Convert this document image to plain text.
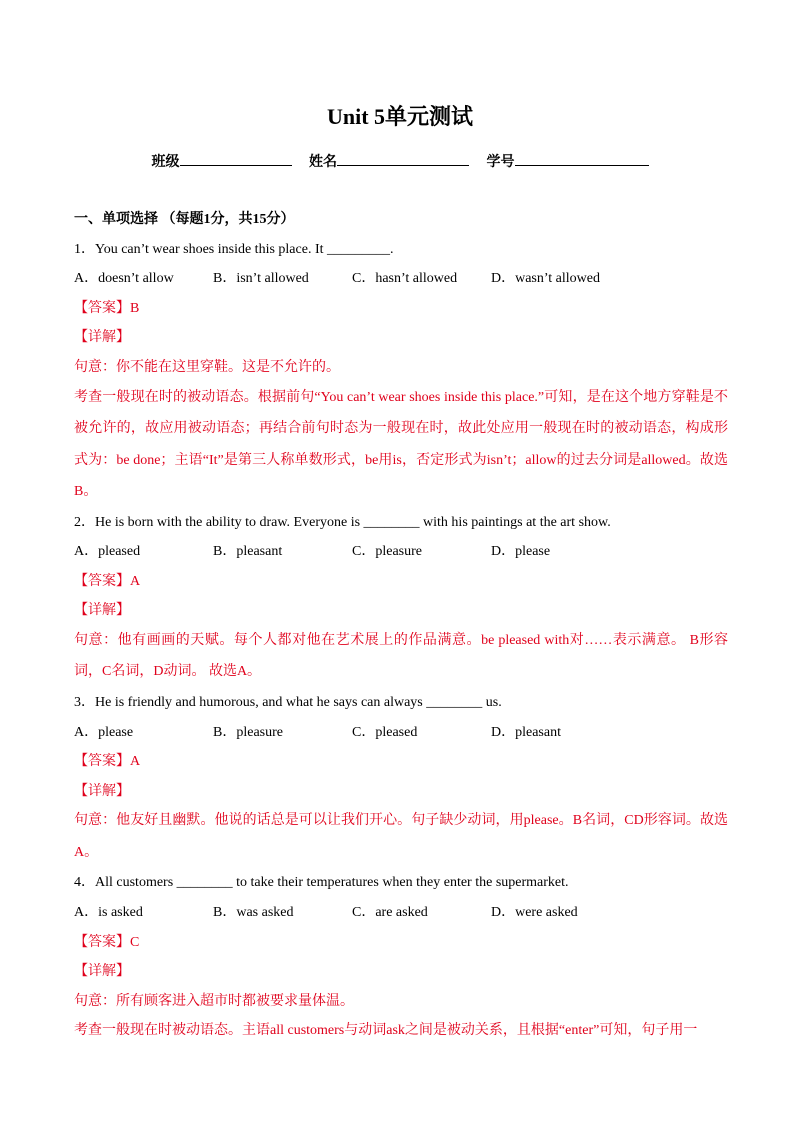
Unit 5单元测试
班级	姓名	学号
一、单项选择 （每题1分，共15分）
1．You can’t wear shoes inside this place. It _________.
A．doesn’t allow	B．isn’t allowed	C．hasn’t allowed	D．wasn’t allowed
【答案】B
【详解】
句意：你不能在这里穿鞋。这是不允许的。
考查一般现在时的被动语态。根据前句“You can’t wear shoes inside this place.”可知，是在这个地方穿鞋是不被允许的，故应用被动语态；再结合前句时态为一般现在时，故此处应用一般现在时的被动语态，构成形式为：be done；主语“It”是第三人称单数形式，be用is，否定形式为isn’t；allow的过去分词是allowed。故选B。
2．He is born with the ability to draw. Everyone is ________ with his paintings at the art show.
A．pleased	B．pleasant	C．pleasure	D．please
【答案】A
【详解】
句意：他有画画的天赋。每个人都对他在艺术展上的作品满意。be pleased with对……表示满意。 B形容词，C名词，D动词。 故选A。
3．He is friendly and humorous, and what he says can always ________ us.
A．please	B．pleasure	C．pleased	D．pleasant
【答案】A
【详解】
句意：他友好且幽默。他说的话总是可以让我们开心。句子缺少动词，用please。B名词，CD形容词。故选A。
4．All customers ________ to take their temperatures when they enter the supermarket.
A．is asked	B．was asked	C．are asked	D．were asked
【答案】C
【详解】
句意：所有顾客进入超市时都被要求量体温。
考查一般现在时被动语态。主语all customers与动词ask之间是被动关系，且根据“enter”可知，句子用一
